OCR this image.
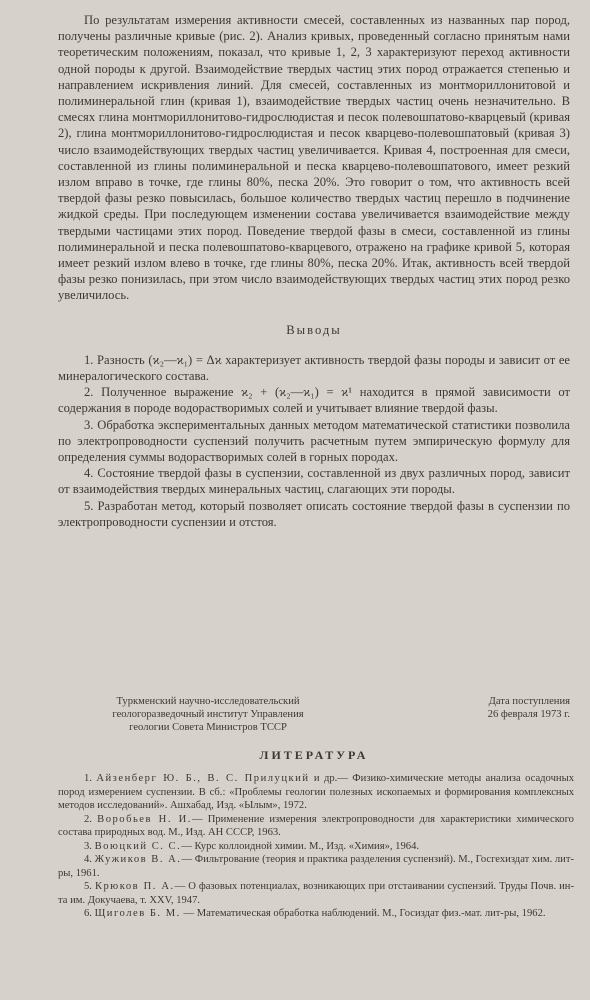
По результатам измерения активности смесей, составленных из названных пар пород, получены различные кривые (рис. 2). Анализ кривых, проведенный согласно принятым нами теоретическим положениям, показал, что кривые 1, 2, 3 характеризуют переход активности одной породы к другой. Взаимодействие твердых частиц этих пород отражается степенью и направлением искривления линий. Для смесей, составленных из монтмориллонитовой и полиминеральной глин (кривая 1), взаимодействие твердых частиц очень незначительно. В смесях глина монтмориллонитово-гидрослюдистая и песок полевошпатово-кварцевый (кривая 2), глина монтмориллонитово-гидрослюдистая и песок кварцево-полевошпатовый (кривая 3) число взаимодействующих твердых частиц увеличивается. Кривая 4, построенная для смеси, составленной из глины полиминеральной и песка кварцево-полевошпатового, имеет резкий излом вправо в точке, где глины 80%, песка 20%. Это говорит о том, что активность всей твердой фазы резко повысилась, большое количество твердых частиц перешло в подчинение жидкой среды. При последующем изменении состава увеличивается взаимодействие между твердыми частицами этих пород. Поведение твердой фазы в смеси, составленной из глины полиминеральной и песка полевошпатово-кварцевого, отражено на графике кривой 5, которая имеет резкий излом влево в точке, где глины 80%, песка 20%. Итак, активность всей твердой фазы резко понизилась, при этом число взаимодействующих твердых частиц этих пород резко увеличилось.

Выводы

1. Разность (ϰ₂—ϰ₁) = Δϰ характеризует активность твердой фазы породы и зависит от ее минералогического состава.

2. Полученное выражение ϰ₂ + (ϰ₂—ϰ₁) = ϰ¹ находится в прямой зависимости от содержания в породе водорастворимых солей и учитывает влияние твердой фазы.

3. Обработка экспериментальных данных методом математической статистики позволила по электропроводности суспензий получить расчетным путем эмпирическую формулу для определения суммы водорастворимых солей в горных породах.

4. Состояние твердой фазы в суспензии, составленной из двух различных пород, зависит от взаимодействия твердых минеральных частиц, слагающих эти породы.

5. Разработан метод, который позволяет описать состояние твердой фазы в суспензии по электропроводности суспензии и отстоя.

Туркменский научно-исследовательский
геологоразведочный институт Управления
геологии Совета Министров ТССР
Дата поступления
26 февраля 1973 г.
ЛИТЕРАТУРА

1. Айзенберг Ю. Б., В. С. Прилуцкий и др.— Физико-химические методы анализа осадочных пород измерением суспензии. В сб.: «Проблемы геологии полезных ископаемых и формирования комплексных методов исследований». Ашхабад, Изд. «Ылым», 1972.

2. Воробьев Н. И.— Применение измерения электропроводности для характеристики химического состава природных вод. М., Изд. АН СССР, 1963.

3. Воюцкий С. С.— Курс коллоидной химии. М., Изд. «Химия», 1964.

4. Жужиков В. А.— Фильтрование (теория и практика разделения суспензий). М., Госгехиздат хим. лит-ры, 1961.

5. Крюков П. А.— О фазовых потенциалах, возникающих при отстаивании суспензий. Труды Почв. ин-та им. Докучаева, т. XXV, 1947.

6. Щиголев Б. М. — Математическая обработка наблюдений. М., Госиздат физ.-мат. лит-ры, 1962.
